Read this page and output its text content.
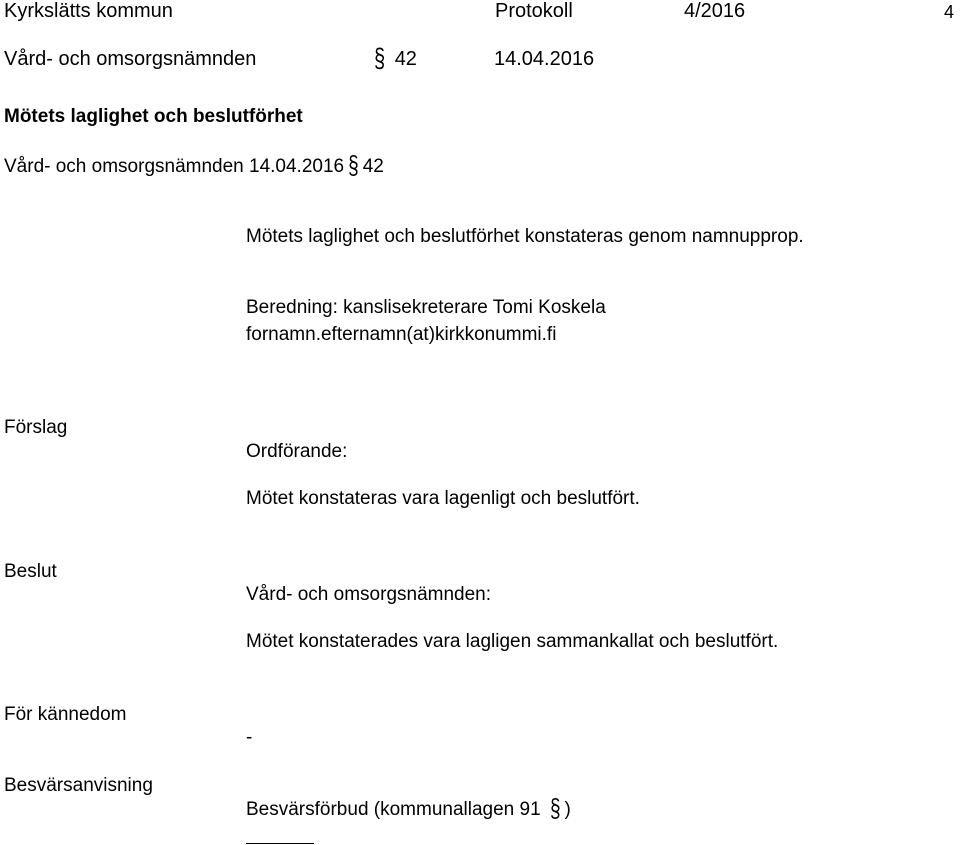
Kyrkslätts kommun	Protokoll	4/2016	4
Vård- och omsorgsnämnden	§ 42	14.04.2016
Mötets laglighet och beslutförhet
Vård- och omsorgsnämnden 14.04.2016 § 42
Mötets laglighet och beslutförhet konstateras genom namnupprop.
Beredning: kanslisekreterare Tomi Koskela
fornamn.efternamn(at)kirkkonummi.fi
Förslag
Ordförande:
Mötet konstateras vara lagenligt och beslutfört.
Beslut
Vård- och omsorgsnämnden:
Mötet konstaterades vara lagligen sammankallat och beslutfört.
För kännedom
-
Besvärsanvisning
Besvärsförbud (kommunallagen 91 § )
